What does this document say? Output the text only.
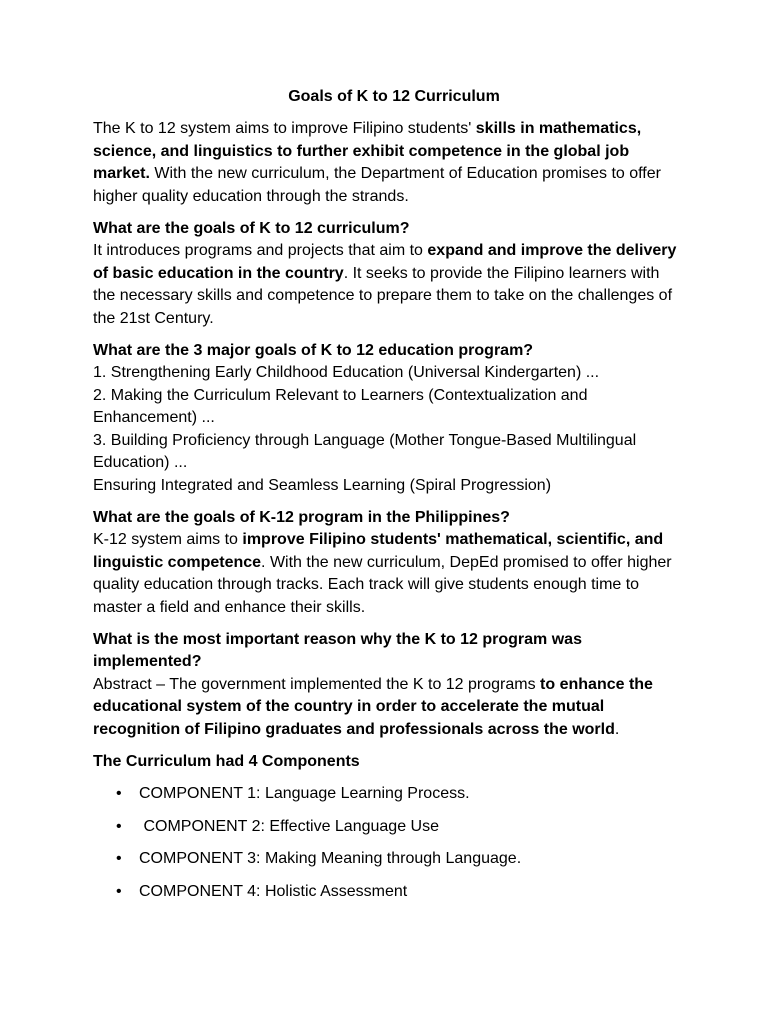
Goals of K to 12 Curriculum

The K to 12 system aims to improve Filipino students' skills in mathematics, science, and linguistics to further exhibit competence in the global job market. With the new curriculum, the Department of Education promises to offer higher quality education through the strands.

What are the goals of K to 12 curriculum?
It introduces programs and projects that aim to expand and improve the delivery of basic education in the country. It seeks to provide the Filipino learners with the necessary skills and competence to prepare them to take on the challenges of the 21st Century.

What are the 3 major goals of K to 12 education program?
1. Strengthening Early Childhood Education (Universal Kindergarten) ...
2. Making the Curriculum Relevant to Learners (Contextualization and Enhancement) ...
3. Building Proficiency through Language (Mother Tongue-Based Multilingual Education) ...
Ensuring Integrated and Seamless Learning (Spiral Progression)

What are the goals of K-12 program in the Philippines?
K-12 system aims to improve Filipino students' mathematical, scientific, and linguistic competence. With the new curriculum, DepEd promised to offer higher quality education through tracks. Each track will give students enough time to master a field and enhance their skills.

What is the most important reason why the K to 12 program was implemented?
Abstract – The government implemented the K to 12 programs to enhance the educational system of the country in order to accelerate the mutual recognition of Filipino graduates and professionals across the world.

The Curriculum had 4 Components
• COMPONENT 1: Language Learning Process.
• COMPONENT 2: Effective Language Use
• COMPONENT 3: Making Meaning through Language.
• COMPONENT 4: Holistic Assessment
